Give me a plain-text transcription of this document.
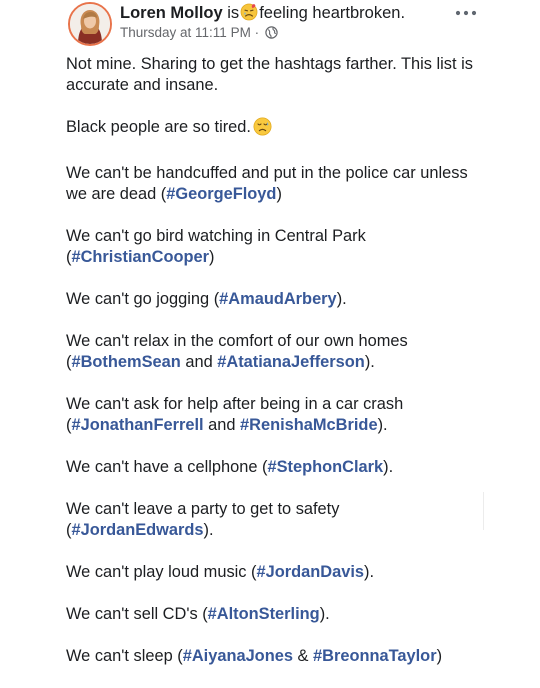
Loren Molloy is feeling heartbroken.
Thursday at 11:11 PM ·

Not mine. Sharing to get the hashtags farther. This list is accurate and insane.

Black people are so tired.

We can't be handcuffed and put in the police car unless we are dead (#GeorgeFloyd)

We can't go bird watching in Central Park (#ChristianCooper)

We can't go jogging (#AmaudArbery).

We can't relax in the comfort of our own homes (#BothemSean and #AtatianaJefferson).

We can't ask for help after being in a car crash (#JonathanFerrell and #RenishaMcBride).

We can't have a cellphone (#StephonClark).

We can't leave a party to get to safety (#JordanEdwards).

We can't play loud music (#JordanDavis).

We can't sell CD's (#AltonSterling).

We can't sleep (#AiyanaJones & #BreonnaTaylor)
